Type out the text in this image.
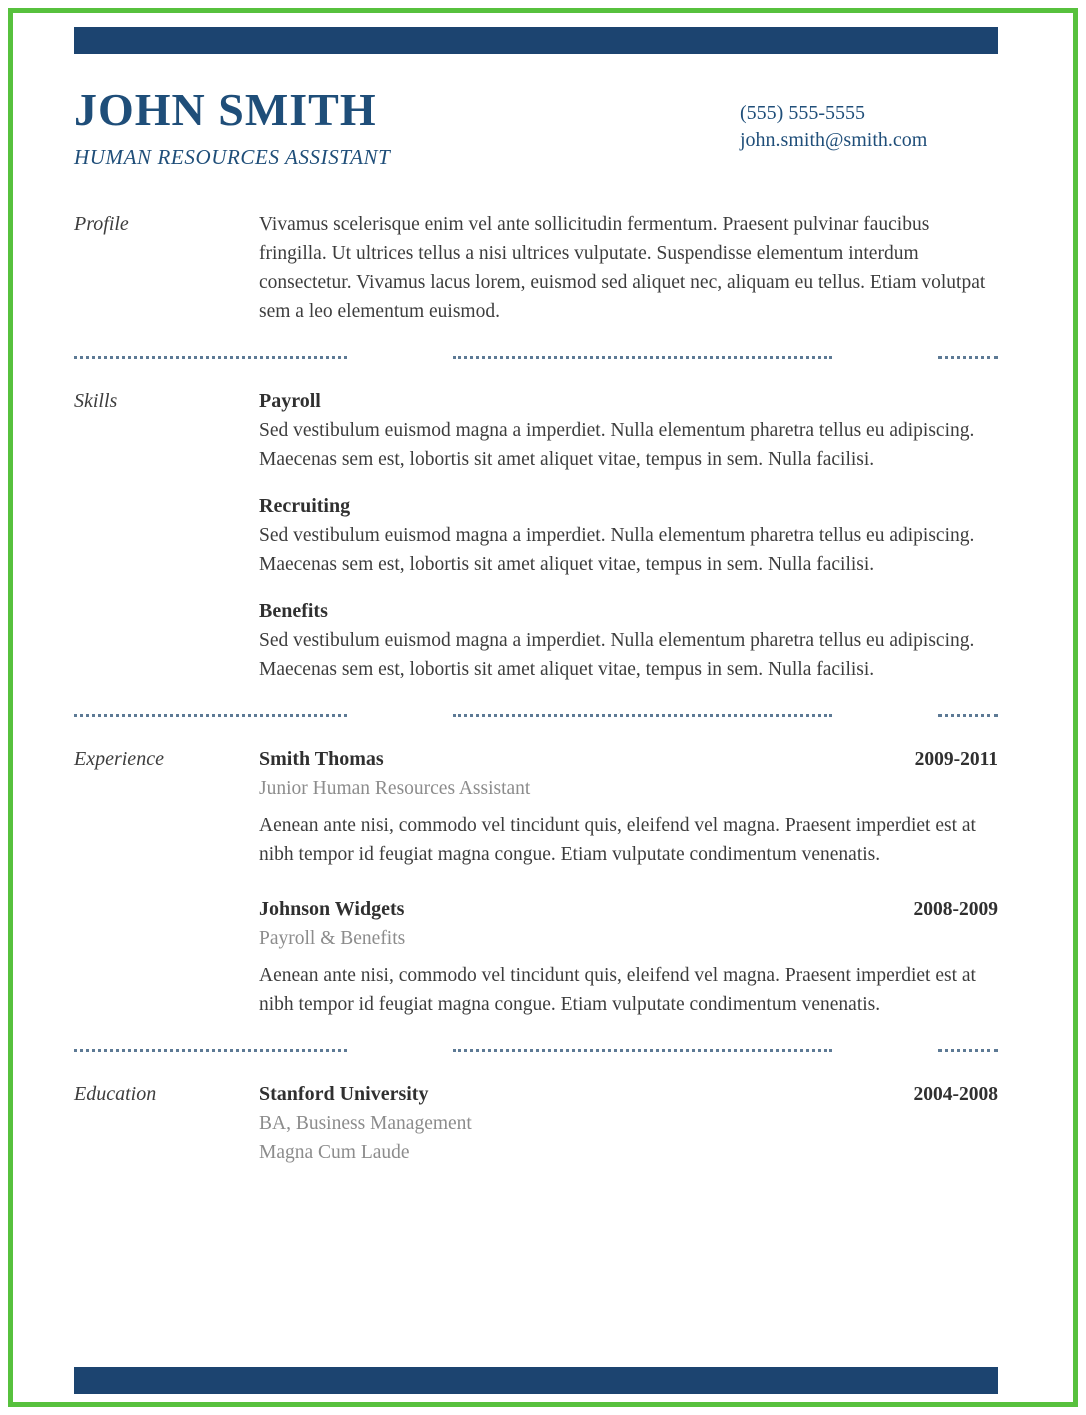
JOHN SMITH
HUMAN RESOURCES ASSISTANT
(555) 555-5555
john.smith@smith.com
Profile	Vivamus scelerisque enim vel ante sollicitudin fermentum. Praesent pulvinar faucibus fringilla. Ut ultrices tellus a nisi ultrices vulputate. Suspendisse elementum interdum consectetur. Vivamus lacus lorem, euismod sed aliquet nec, aliquam eu tellus. Etiam volutpat sem a leo elementum euismod.

Skills	Payroll

Sed vestibulum euismod magna a imperdiet. Nulla elementum pharetra tellus eu adipiscing. Maecenas sem est, lobortis sit amet aliquet vitae, tempus in sem. Nulla facilisi.

Recruiting

Sed vestibulum euismod magna a imperdiet. Nulla elementum pharetra tellus eu adipiscing. Maecenas sem est, lobortis sit amet aliquet vitae, tempus in sem. Nulla facilisi.

Benefits

Sed vestibulum euismod magna a imperdiet. Nulla elementum pharetra tellus eu adipiscing. Maecenas sem est, lobortis sit amet aliquet vitae, tempus in sem. Nulla facilisi.

Experience	Smith Thomas	2009-2011
Junior Human Resources Assistant

Aenean ante nisi, commodo vel tincidunt quis, eleifend vel magna. Praesent imperdiet est at nibh tempor id feugiat magna congue. Etiam vulputate condimentum venenatis.

Johnson Widgets	2008-2009
Payroll & Benefits

Aenean ante nisi, commodo vel tincidunt quis, eleifend vel magna. Praesent imperdiet est at nibh tempor id feugiat magna congue. Etiam vulputate condimentum venenatis.

Education	Stanford University	2004-2008
BA, Business Management
Magna Cum Laude
